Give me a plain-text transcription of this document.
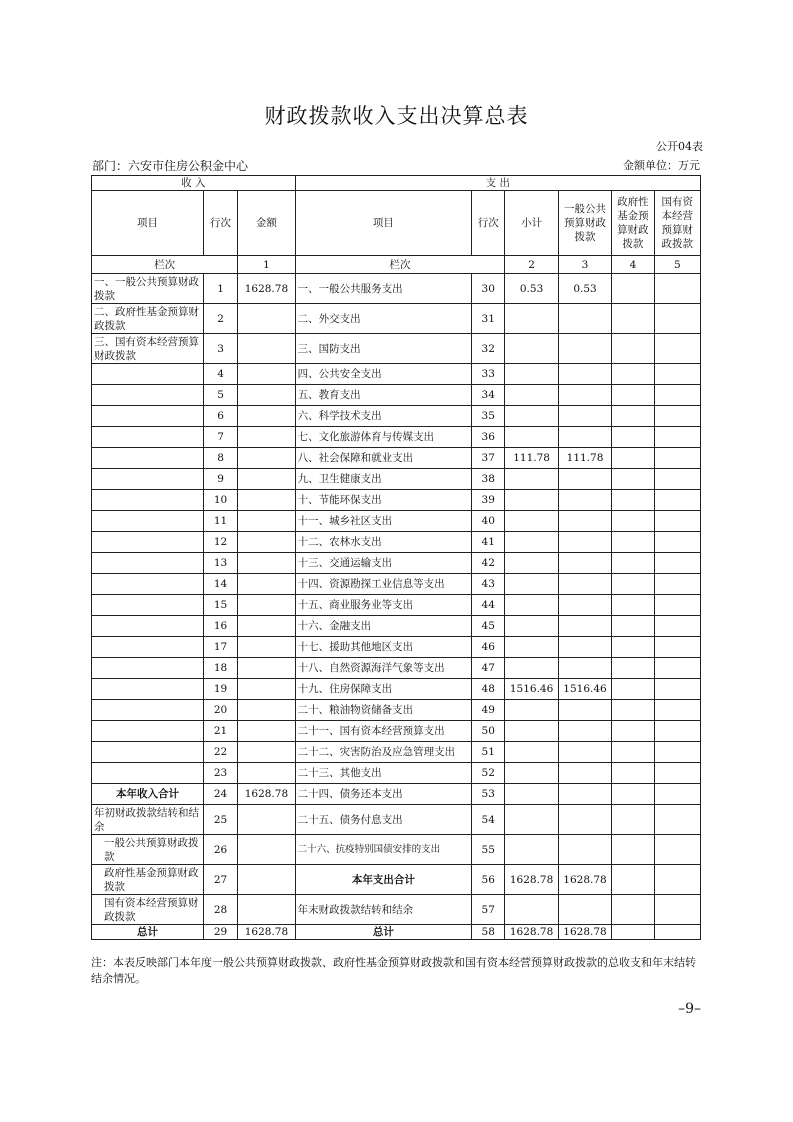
财政拨款收入支出决算总表
公开04表
部门：六安市住房公积金中心	金额单位：万元
收 入			支 出					
项目	行次	金额	项目	行次	小计	一般公共预算财政拨款	政府性基金预算财政拨款	国有资本经营预算财政拨款
栏次		1	栏次		2	3	4	5
一、一般公共预算财政拨款	1	1628.78	一、一般公共服务支出	30	0.53	0.53		
二、政府性基金预算财政拨款	2		二、外交支出	31				
三、国有资本经营预算财政拨款	3		三、国防支出	32				
	4		四、公共安全支出	33				
	5		五、教育支出	34				
	6		六、科学技术支出	35				
	7		七、文化旅游体育与传媒支出	36				
	8		八、社会保障和就业支出	37	111.78	111.78		
	9		九、卫生健康支出	38				
	10		十、节能环保支出	39				
	11		十一、城乡社区支出	40				
	12		十二、农林水支出	41				
	13		十三、交通运输支出	42				
	14		十四、资源勘探工业信息等支出	43				
	15		十五、商业服务业等支出	44				
	16		十六、金融支出	45				
	17		十七、援助其他地区支出	46				
	18		十八、自然资源海洋气象等支出	47				
	19		十九、住房保障支出	48	1516.46	1516.46		
	20		二十、粮油物资储备支出	49				
	21		二十一、国有资本经营预算支出	50				
	22		二十二、灾害防治及应急管理支出	51				
	23		二十三、其他支出	52				
本年收入合计	24	1628.78	二十四、债务还本支出	53				
年初财政拨款结转和结余	25		二十五、债务付息支出	54				
一般公共预算财政拨款	26		二十六、抗疫特别国债安排的支出	55				
政府性基金预算财政拨款	27		本年支出合计	56	1628.78	1628.78		
国有资本经营预算财政拨款	28		年末财政拨款结转和结余	57				
总计	29	1628.78	总计	58	1628.78	1628.78		
注：本表反映部门本年度一般公共预算财政拨款、政府性基金预算财政拨款和国有资本经营预算财政拨款的总收支和年末结转结余情况。
–9–
